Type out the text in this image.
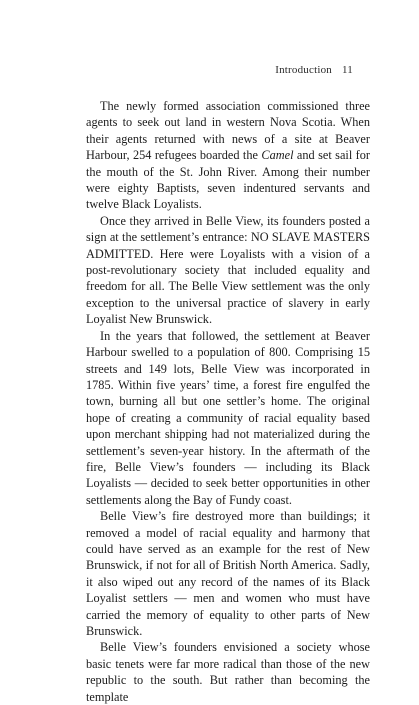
Introduction 11

The newly formed association commissioned three agents to seek out land in western Nova Scotia. When their agents returned with news of a site at Beaver Harbour, 254 refugees boarded the Camel and set sail for the mouth of the St. John River. Among their number were eighty Baptists, seven indentured servants and twelve Black Loyalists.

Once they arrived in Belle View, its founders posted a sign at the settlement’s entrance: NO SLAVE MASTERS ADMITTED. Here were Loyalists with a vision of a post-revolutionary society that included equality and freedom for all. The Belle View settlement was the only exception to the universal practice of slavery in early Loyalist New Brunswick.

In the years that followed, the settlement at Beaver Harbour swelled to a population of 800. Comprising 15 streets and 149 lots, Belle View was incorporated in 1785. Within five years’ time, a forest fire engulfed the town, burning all but one settler’s home. The original hope of creating a community of racial equality based upon merchant shipping had not materialized during the settlement’s seven-year history. In the aftermath of the fire, Belle View’s founders — including its Black Loyalists — decided to seek better opportunities in other settlements along the Bay of Fundy coast.

Belle View’s fire destroyed more than buildings; it removed a model of racial equality and harmony that could have served as an example for the rest of New Brunswick, if not for all of British North America. Sadly, it also wiped out any record of the names of its Black Loyalist settlers — men and women who must have carried the memory of equality to other parts of New Brunswick.

Belle View’s founders envisioned a society whose basic tenets were far more radical than those of the new republic to the south. But rather than becoming the template
